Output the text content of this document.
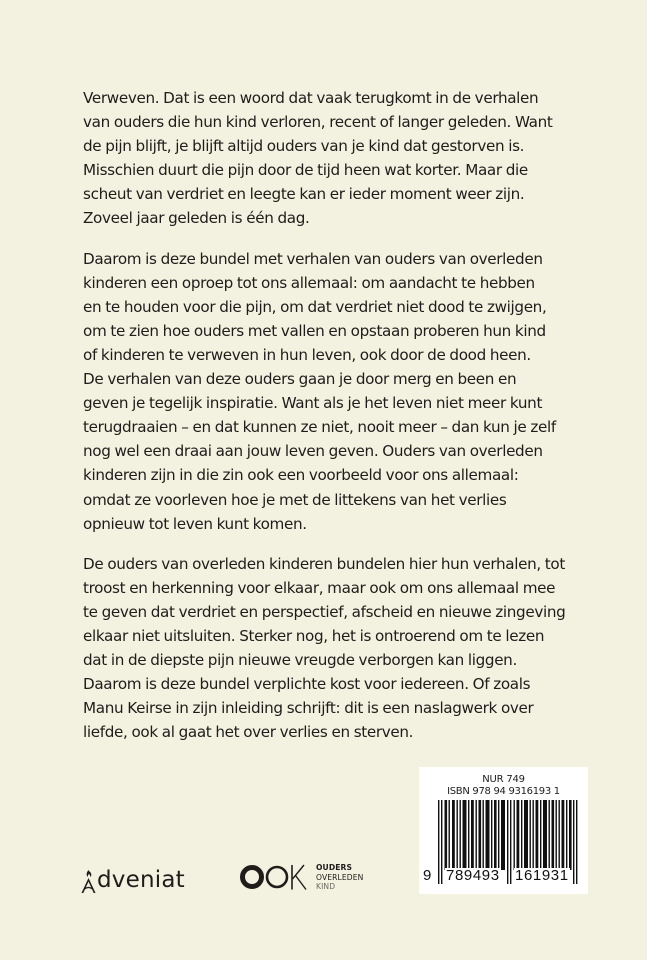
Verweven. Dat is een woord dat vaak terugkomt in de verhalen
van ouders die hun kind verloren, recent of langer geleden. Want
de pijn blijft, je blijft altijd ouders van je kind dat gestorven is.
Misschien duurt die pijn door de tijd heen wat korter. Maar die
scheut van verdriet en leegte kan er ieder moment weer zijn.
Zoveel jaar geleden is één dag.

Daarom is deze bundel met verhalen van ouders van overleden
kinderen een oproep tot ons allemaal: om aandacht te hebben
en te houden voor die pijn, om dat verdriet niet dood te zwijgen,
om te zien hoe ouders met vallen en opstaan proberen hun kind
of kinderen te verweven in hun leven, ook door de dood heen.
De verhalen van deze ouders gaan je door merg en been en
geven je tegelijk inspiratie. Want als je het leven niet meer kunt
terugdraaien – en dat kunnen ze niet, nooit meer – dan kun je zelf
nog wel een draai aan jouw leven geven. Ouders van overleden
kinderen zijn in die zin ook een voorbeeld voor ons allemaal:
omdat ze voorleven hoe je met de littekens van het verlies
opnieuw tot leven kunt komen.

De ouders van overleden kinderen bundelen hier hun verhalen, tot
troost en herkenning voor elkaar, maar ook om ons allemaal mee
te geven dat verdriet en perspectief, afscheid en nieuwe zingeving
elkaar niet uitsluiten. Sterker nog, het is ontroerend om te lezen
dat in de diepste pijn nieuwe vreugde verborgen kan liggen.
Daarom is deze bundel verplichte kost voor iedereen. Of zoals
Manu Keirse in zijn inleiding schrijft: dit is een naslagwerk over
liefde, ook al gaat het over verlies en sterven.

dveniat	OUDERS
OVERLEDEN
KIND
NUR 749
ISBN 978 94 9316193 1
9 789493 161931
